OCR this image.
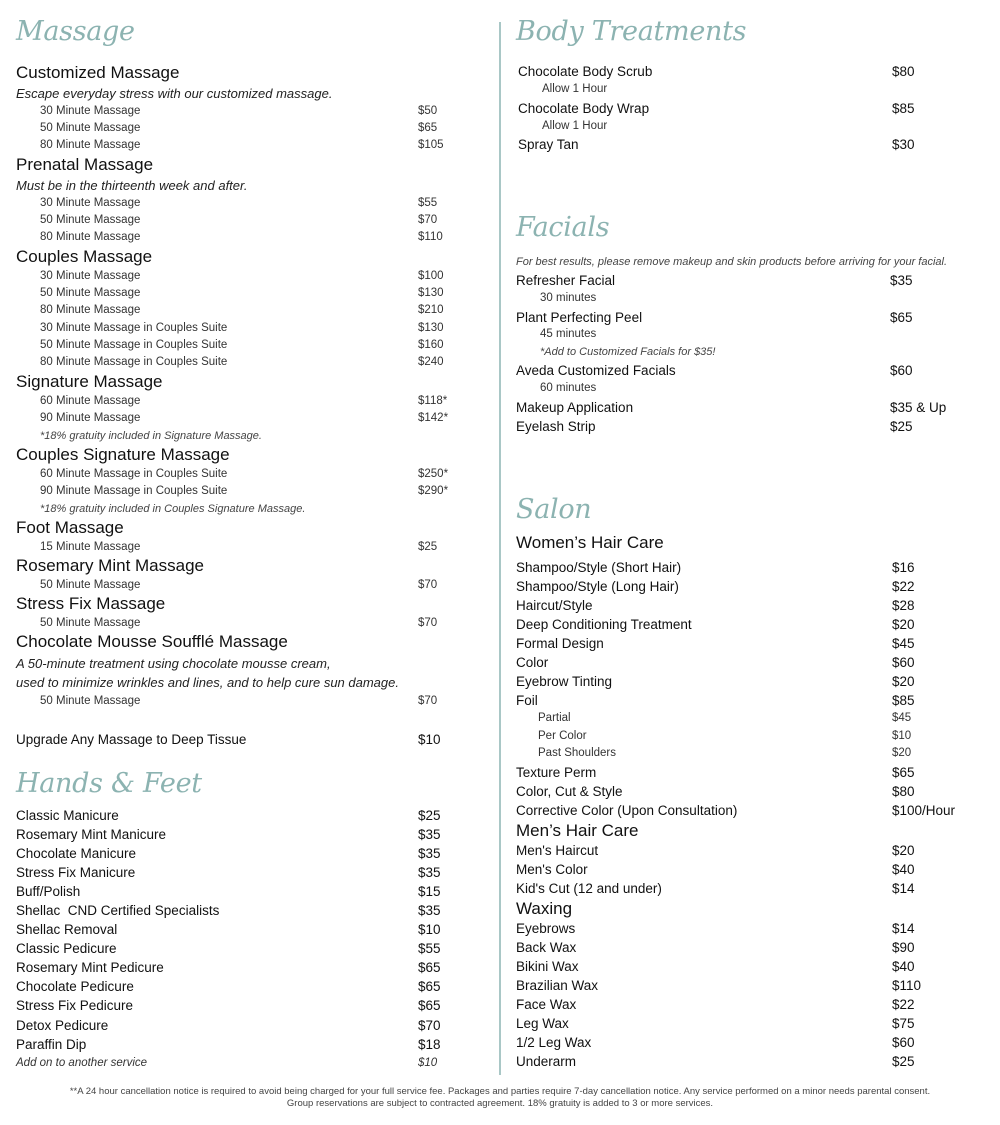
Massage
Customized Massage
Escape everyday stress with our customized massage.
30 Minute Massage	$50
50 Minute Massage	$65
80 Minute Massage	$105
Prenatal Massage
Must be in the thirteenth week and after.
30 Minute Massage	$55
50 Minute Massage	$70
80 Minute Massage	$110
Couples Massage
30 Minute Massage	$100
50 Minute Massage	$130
80 Minute Massage	$210
30 Minute Massage in Couples Suite	$130
50 Minute Massage in Couples Suite	$160
80 Minute Massage in Couples Suite	$240
Signature Massage
60 Minute Massage	$118*
90 Minute Massage	$142*
*18% gratuity included in Signature Massage.
Couples Signature Massage
60 Minute Massage in Couples Suite	$250*
90 Minute Massage in Couples Suite	$290*
*18% gratuity included in Couples Signature Massage.
Foot Massage
15 Minute Massage	$25
Rosemary Mint Massage
50 Minute Massage	$70
Stress Fix Massage
50 Minute Massage	$70
Chocolate Mousse Soufflé Massage
A 50-minute treatment using chocolate mousse cream,
used to minimize wrinkles and lines, and to help cure sun damage.
50 Minute Massage	$70
Upgrade Any Massage to Deep Tissue	$10
Hands & Feet
Classic Manicure	$25
Rosemary Mint Manicure	$35
Chocolate Manicure	$35
Stress Fix Manicure	$35
Buff/Polish	$15
Shellac  CND Certified Specialists	$35
Shellac Removal	$10
Classic Pedicure	$55
Rosemary Mint Pedicure	$65
Chocolate Pedicure	$65
Stress Fix Pedicure	$65
Detox Pedicure	$70
Paraffin Dip	$18
Add on to another service	$10
Body Treatments
Chocolate Body Scrub	$80
Allow 1 Hour
Chocolate Body Wrap	$85
Allow 1 Hour
Spray Tan	$30
Facials
For best results, please remove makeup and skin products before arriving for your facial.
Refresher Facial	$35
30 minutes
Plant Perfecting Peel	$65
45 minutes
*Add to Customized Facials for $35!
Aveda Customized Facials	$60
60 minutes
Makeup Application	$35 & Up
Eyelash Strip	$25
Salon
Women’s Hair Care
Shampoo/Style (Short Hair)	$16
Shampoo/Style (Long Hair)	$22
Haircut/Style	$28
Deep Conditioning Treatment	$20
Formal Design	$45
Color	$60
Eyebrow Tinting	$20
Foil	$85
Partial	$45
Per Color	$10
Past Shoulders	$20
Texture Perm	$65
Color, Cut & Style	$80
Corrective Color (Upon Consultation)	$100/Hour
Men’s Hair Care
Men's Haircut	$20
Men's Color	$40
Kid's Cut (12 and under)	$14
Waxing
Eyebrows	$14
Back Wax	$90
Bikini Wax	$40
Brazilian Wax	$110
Face Wax	$22
Leg Wax	$75
1/2 Leg Wax	$60
Underarm	$25
**A 24 hour cancellation notice is required to avoid being charged for your full service fee. Packages and parties require 7-day cancellation notice. Any service performed on a minor needs parental consent.
Group reservations are subject to contracted agreement. 18% gratuity is added to 3 or more services.
